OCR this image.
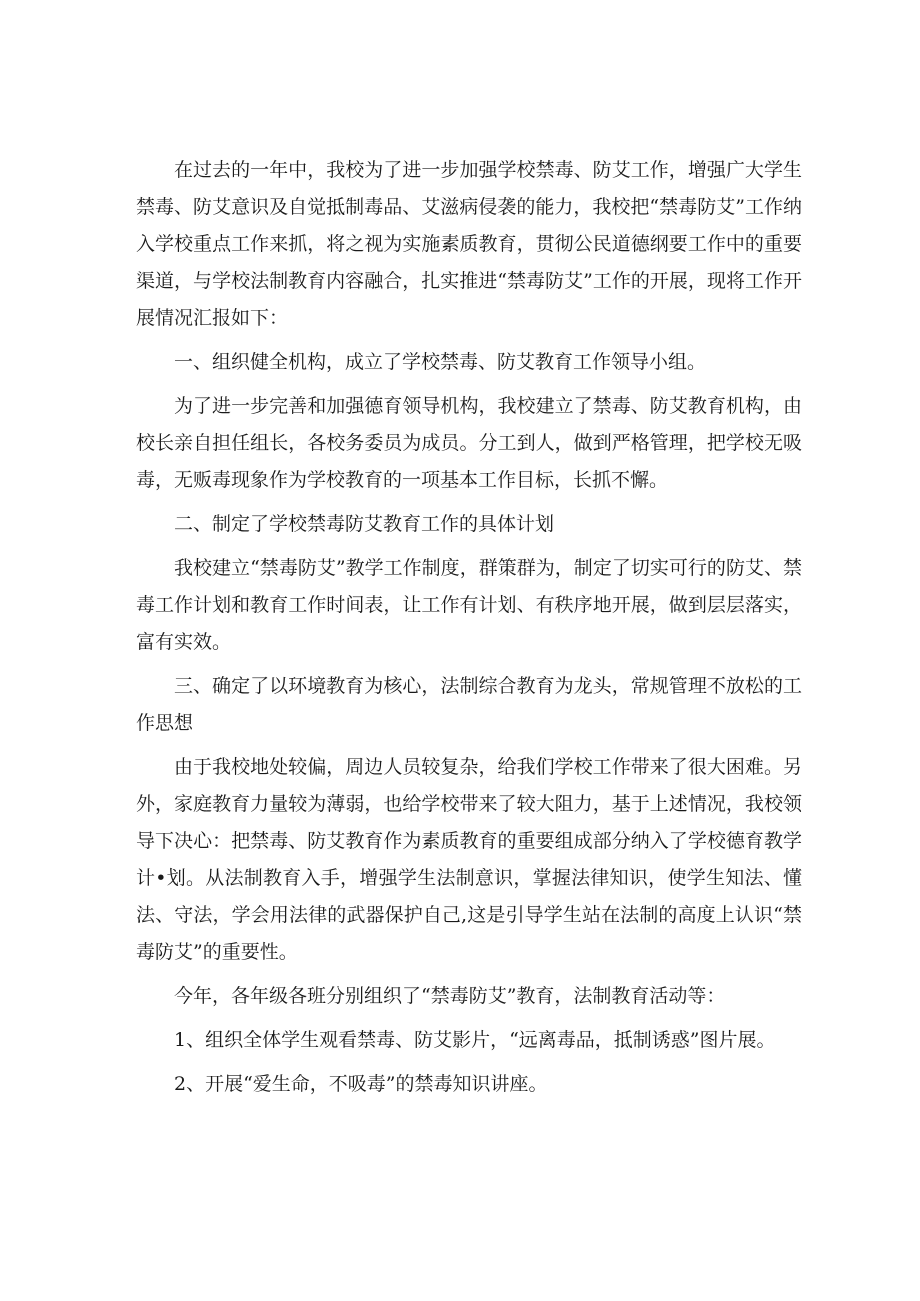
在过去的一年中，我校为了进一步加强学校禁毒、防艾工作，增强广大学生禁毒、防艾意识及自觉抵制毒品、艾滋病侵袭的能力，我校把“禁毒防艾”工作纳入学校重点工作来抓，将之视为实施素质教育，贯彻公民道德纲要工作中的重要渠道，与学校法制教育内容融合，扎实推进“禁毒防艾”工作的开展，现将工作开展情况汇报如下：

一、组织健全机构，成立了学校禁毒、防艾教育工作领导小组。

为了进一步完善和加强德育领导机构，我校建立了禁毒、防艾教育机构，由校长亲自担任组长，各校务委员为成员。分工到人，做到严格管理，把学校无吸毒，无贩毒现象作为学校教育的一项基本工作目标，长抓不懈。

二、制定了学校禁毒防艾教育工作的具体计划

我校建立“禁毒防艾”教学工作制度，群策群为，制定了切实可行的防艾、禁毒工作计划和教育工作时间表，让工作有计划、有秩序地开展，做到层层落实，富有实效。

三、确定了以环境教育为核心，法制综合教育为龙头，常规管理不放松的工作思想

由于我校地处较偏，周边人员较复杂，给我们学校工作带来了很大困难。另外，家庭教育力量较为薄弱，也给学校带来了较大阻力，基于上述情况，我校领导下决心：把禁毒、防艾教育作为素质教育的重要组成部分纳入了学校德育教学计•划。从法制教育入手，增强学生法制意识，掌握法律知识，使学生知法、懂法、守法，学会用法律的武器保护自己,这是引导学生站在法制的高度上认识“禁毒防艾”的重要性。

今年，各年级各班分别组织了“禁毒防艾”教育，法制教育活动等：

1、组织全体学生观看禁毒、防艾影片，“远离毒品，抵制诱惑”图片展。

2、开展“爱生命，不吸毒”的禁毒知识讲座。
